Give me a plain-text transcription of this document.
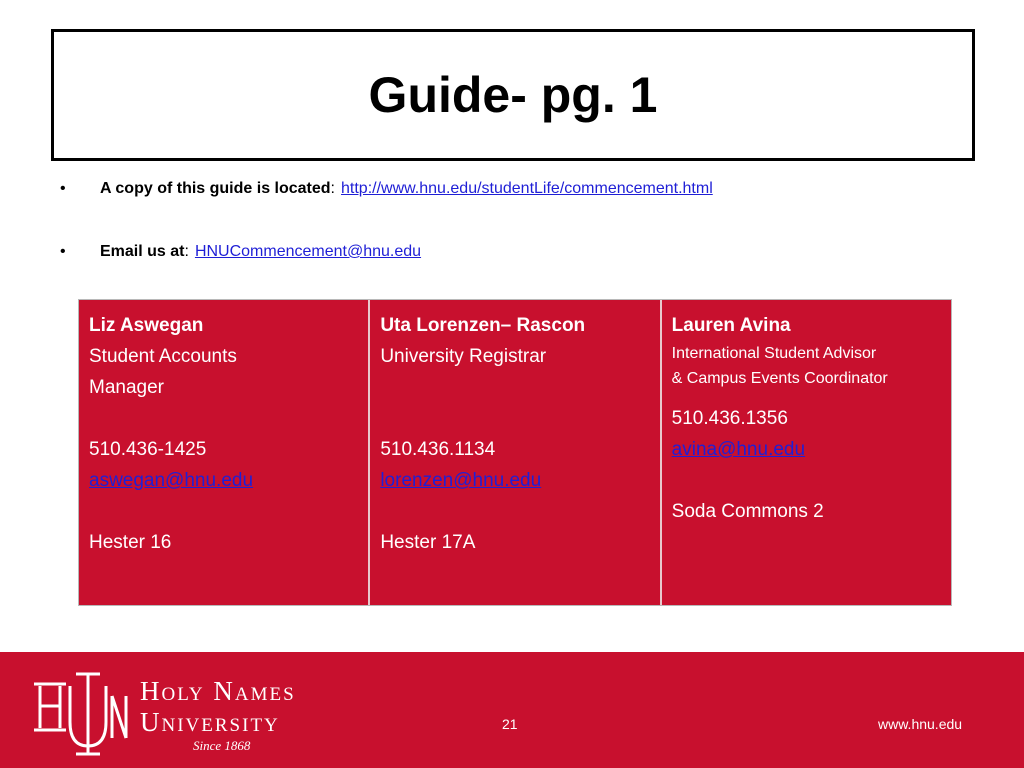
Guide- pg. 1
•	A copy of this guide is located : http://www.hnu.edu/studentLife/commencement.html
•	Email us at : HNUCommencement@hnu.edu
Liz Aswegan
Student Accounts
Manager
510.436-1425
aswegan@hnu.edu
Hester 16
Uta Lorenzen– Rascon
University Registrar
510.436.1134
lorenzen@hnu.edu
Hester 17A
Lauren Avina
International Student Advisor
& Campus Events Coordinator
510.436.1356
avina@hnu.edu
Soda Commons 2
Holy Names
University
Since 1868
21	www.hnu.edu
